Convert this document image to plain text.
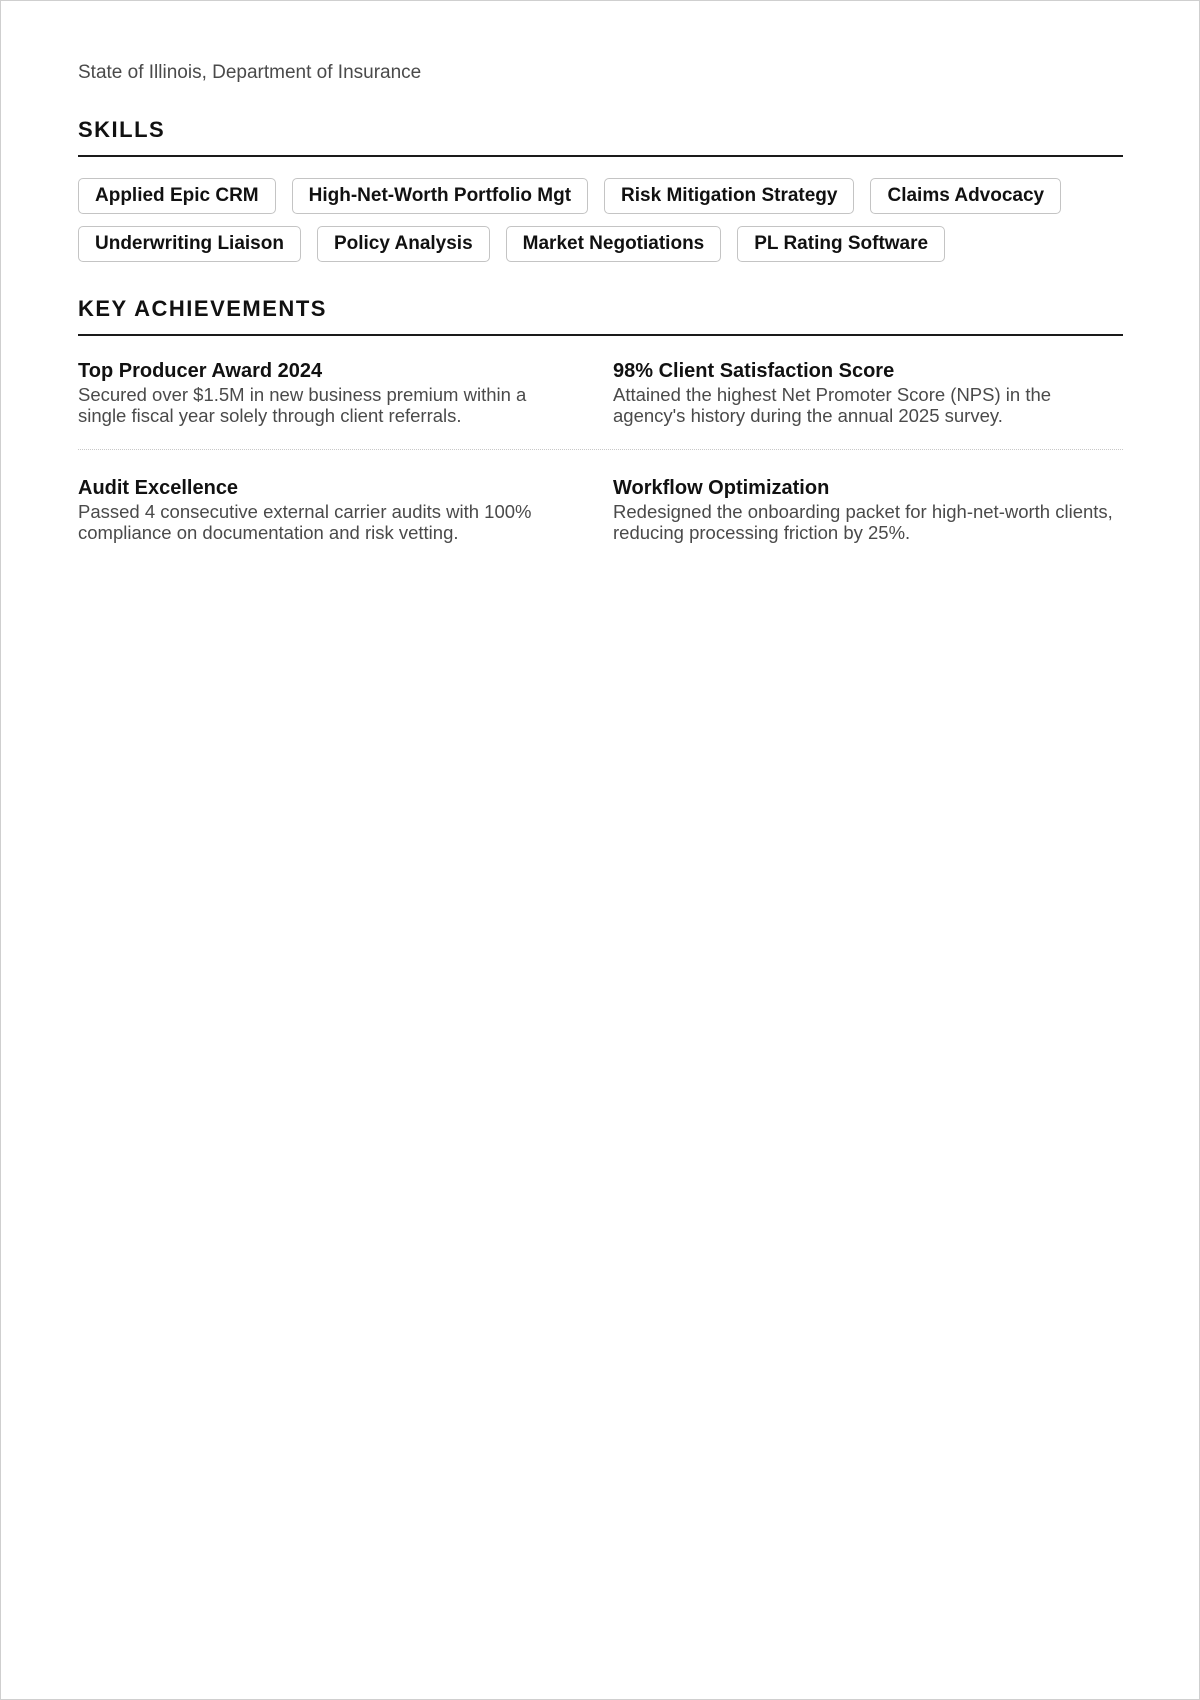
State of Illinois, Department of Insurance
SKILLS
Applied Epic CRM	High-Net-Worth Portfolio Mgt	Risk Mitigation Strategy	Claims Advocacy
Underwriting Liaison	Policy Analysis	Market Negotiations	PL Rating Software
KEY ACHIEVEMENTS
Top Producer Award 2024

Secured over $1.5M in new business premium within a single fiscal year solely through client referrals.

98% Client Satisfaction Score

Attained the highest Net Promoter Score (NPS) in the agency's history during the annual 2025 survey.

Audit Excellence

Passed 4 consecutive external carrier audits with 100% compliance on documentation and risk vetting.

Workflow Optimization

Redesigned the onboarding packet for high-net-worth clients, reducing processing friction by 25%.
